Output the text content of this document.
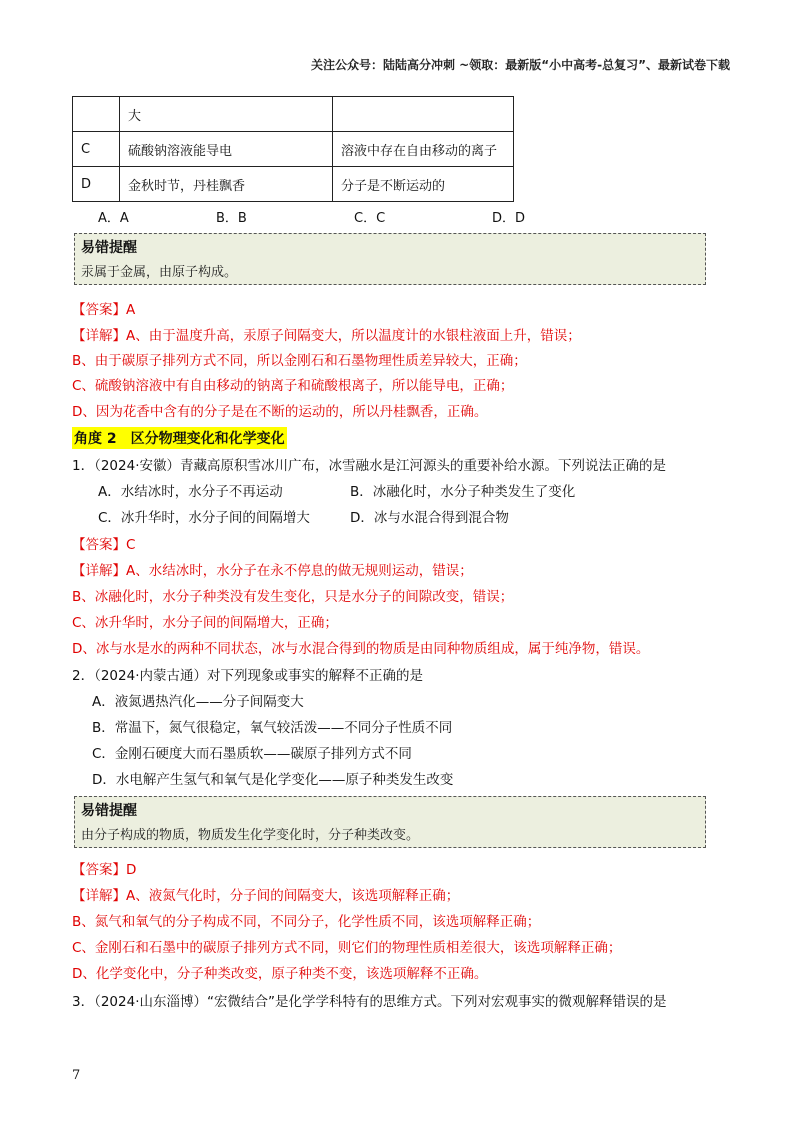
关注公众号：陆陆高分冲刺 ~领取：最新版“小中高考-总复习”、最新试卷下载
	大	
C	硫酸钠溶液能导电	溶液中存在自由移动的离子
D	金秋时节，丹桂飘香	分子是不断运动的
A．A	B．B	C．C	D．D
易错提醒
汞属于金属，由原子构成。
【答案】A
【详解】A、由于温度升高，汞原子间隔变大，所以温度计的水银柱液面上升，错误；
B、由于碳原子排列方式不同，所以金刚石和石墨物理性质差异较大，正确；
C、硫酸钠溶液中有自由移动的钠离子和硫酸根离子，所以能导电，正确；
D、因为花香中含有的分子是在不断的运动的，所以丹桂飘香，正确。
角度 2　区分物理变化和化学变化
1．（2024·安徽）青藏高原积雪冰川广布，冰雪融水是江河源头的重要补给水源。下列说法正确的是
A．水结冰时，水分子不再运动	B．冰融化时，水分子种类发生了变化
C．冰升华时，水分子间的间隔增大	D．冰与水混合得到混合物
【答案】C
【详解】A、水结冰时，水分子在永不停息的做无规则运动，错误；
B、冰融化时，水分子种类没有发生变化，只是水分子的间隙改变，错误；
C、冰升华时，水分子间的间隔增大，正确；
D、冰与水是水的两种不同状态，冰与水混合得到的物质是由同种物质组成，属于纯净物，错误。
2．（2024·内蒙古通）对下列现象或事实的解释不正确的是
A．液氮遇热汽化——分子间隔变大
B．常温下，氮气很稳定，氧气较活泼——不同分子性质不同
C．金刚石硬度大而石墨质软——碳原子排列方式不同
D．水电解产生氢气和氧气是化学变化——原子种类发生改变
易错提醒
由分子构成的物质，物质发生化学变化时，分子种类改变。
【答案】D
【详解】A、液氮气化时，分子间的间隔变大，该选项解释正确；
B、氮气和氧气的分子构成不同，不同分子，化学性质不同，该选项解释正确；
C、金刚石和石墨中的碳原子排列方式不同，则它们的物理性质相差很大，该选项解释正确；
D、化学变化中，分子种类改变，原子种类不变，该选项解释不正确。
3．（2024·山东淄博）“宏微结合”是化学学科特有的思维方式。下列对宏观事实的微观解释错误的是
7
